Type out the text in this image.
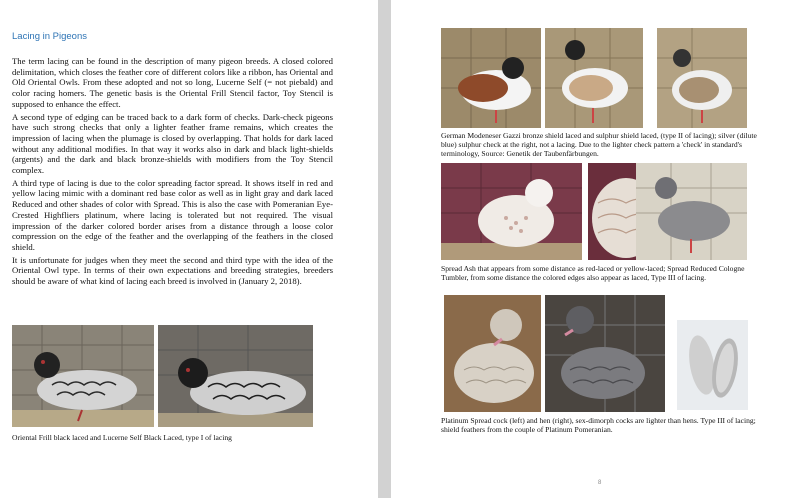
Lacing in Pigeons

The term lacing can be found in the description of many pigeon breeds. A closed colored delimitation, which closes the feather core of different colors like a ribbon, has Oriental and Old Oriental Owls. From these adopted and not so long, Lucerne Self (= not piebald) and color racing homers. The genetic basis is the Oriental Frill Stencil factor, Toy Stencil is supposed to enhance the effect.

A second type of edging can be traced back to a dark form of checks. Dark-check pigeons have such strong checks that only a lighter feather frame remains, which creates the impression of lacing when the plumage is closed by overlapping. That holds for dark laced without any additional modifies. In that way it works also in dark and black light-shields (argents) and the dark and black bronze-shields with modifiers from the Toy Stencil complex.

A third type of lacing is due to the color spreading factor spread. It shows itself in red and yellow lacing mimic with a dominant red base color as well as in light gray and dark laced Reduced and other shades of color with Spread. This is also the case with Pomeranian Eye-Crested Highfliers platinum, where lacing is tolerated but not required. The visual impression of the darker colored border arises from a distance through a loose color compression on the edge of the feather and the overlapping of the feathers in the closed shield.

It is unfortunate for judges when they meet the second and third type with the idea of the Oriental Owl type. In terms of their own expectations and breeding strategies, breeders should be aware of what kind of lacing each breed is involved in (January 2, 2018).

Oriental Frill black laced and Lucerne Self Black Laced, type I of lacing
German Modeneser Gazzi bronze shield laced and sulphur shield laced, (type II of lacing); silver (dilute blue) sulphur check at the right, not a lacing. Due to the lighter check pattern a 'check' in standard's terminology, Source: Genetik der Taubenfärbungen.
Spread Ash that appears from some distance as red-laced or yellow-laced; Spread Reduced Cologne Tumbler, from some distance the colored edges also appear as laced, Type III of lacing.
Platinum Spread cock (left) and hen (right), sex-dimorph cocks are lighter than hens. Type III of lacing; shield feathers from the couple of Platinum Pomeranian.
8
